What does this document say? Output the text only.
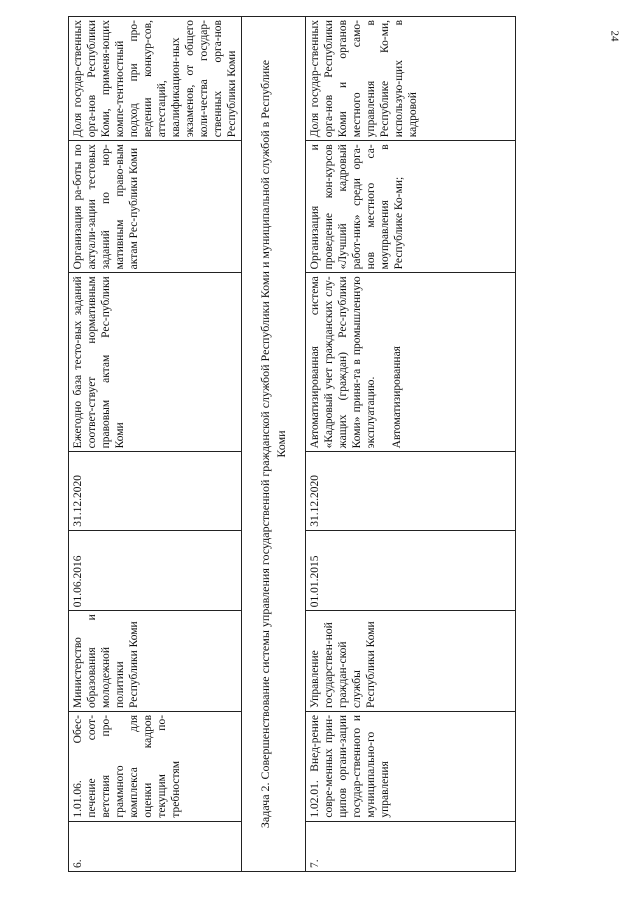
24
6.	1.01.06. Обес-печение соот-ветствия про-граммного комплекса для оценки кадров текущим по-требностям	Министерство образования и молодежной политики Республики Коми	01.06.2016	31.12.2020	Ежегодно база тесто-вых заданий соответ-ствует нормативным правовым актам Рес-публики Коми	Организация ра-боты по актуали-зации тестовых заданий по нор-мативным право-вым актам Рес-публики Коми	Доля государ-ственных орга-нов Республики Коми, применя-ющих компе-тентностный подход при про-ведении конкур-сов, аттестаций, квалификацион-ных экзаменов, от общего коли-чества государ-ственных орга-нов Республики Коми
Задача 2. Совершенствование системы управления государственной гражданской службой Республики Коми и муниципальной службой в Республике Коми							
7.	1.02.01. Внед-рение совре-менных прин-ципов органи-зации государ-ственного и муниципально-го управления	Управление государствен-ной граждан-ской службы Республики Коми	01.01.2015	31.12.2020	Автоматизированная система «Кадровый учет гражданских слу-жащих (граждан) Рес-публики Коми» приня-та в промышленную эксплуатацию. Автоматизированная	Организация и проведение кон-курсов «Лучший кадровый работ-ник» среди орга-нов местного са-моуправления в Республике Ко-ми;	Доля государ-ственных орга-нов Республики Коми и органов местного само-управления в Республике Ко-ми, использую-щих в кадровой
